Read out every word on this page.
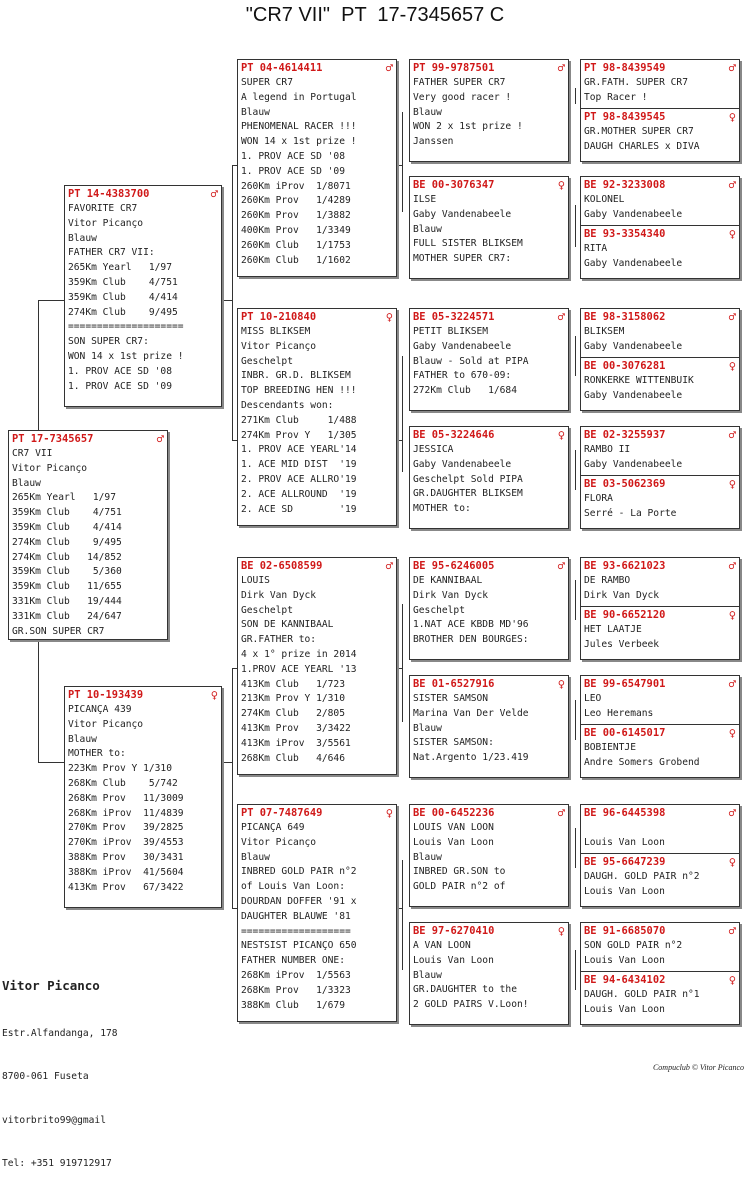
"CR7 VII"  PT  17-7345657 C
PT 17-7345657	♂
CR7 VII
Vitor Picanço
Blauw
265Km Yearl   1/97
359Km Club    4/751
359Km Club    4/414
274Km Club    9/495
274Km Club   14/852
359Km Club    5/360
359Km Club   11/655
331Km Club   19/444
331Km Club   24/647
GR.SON SUPER CR7
PT 14-4383700	♂
FAVORITE CR7
Vitor Picanço
Blauw
FATHER CR7 VII:
265Km Yearl   1/97
359Km Club    4/751
359Km Club    4/414
274Km Club    9/495
====================
SON SUPER CR7:
WON 14 x 1st prize !
1. PROV ACE SD '08
1. PROV ACE SD '09
PT 10-193439	♀
PICANÇA 439
Vitor Picanço
Blauw
MOTHER to:
223Km Prov Y 1/310
268Km Club    5/742
268Km Prov   11/3009
268Km iProv  11/4839
270Km Prov   39/2825
270Km iProv  39/4553
388Km Prov   30/3431
388Km iProv  41/5604
413Km Prov   67/3422
PT 04-4614411	♂
SUPER CR7
A legend in Portugal
Blauw
PHENOMENAL RACER !!!
WON 14 x 1st prize !
1. PROV ACE SD '08
1. PROV ACE SD '09
260Km iProv  1/8071
260Km Prov   1/4289
260Km Prov   1/3882
400Km Prov   1/3349
260Km Club   1/1753
260Km Club   1/1602
PT 10-210840	♀
MISS BLIKSEM
Vitor Picanço
Geschelpt
INBR. GR.D. BLIKSEM
TOP BREEDING HEN !!!
Descendants won:
271Km Club     1/488
274Km Prov Y   1/305
1. PROV ACE YEARL'14
1. ACE MID DIST  '19
2. PROV ACE ALLRO'19
2. ACE ALLROUND  '19
2. ACE SD        '19
BE 02-6508599	♂
LOUIS
Dirk Van Dyck
Geschelpt
SON DE KANNIBAAL
GR.FATHER to:
4 x 1° prize in 2014
1.PROV ACE YEARL '13
413Km Club   1/723
213Km Prov Y 1/310
274Km Club   2/805
413Km Prov   3/3422
413Km iProv  3/5561
268Km Club   4/646
PT 07-7487649	♀
PICANÇA 649
Vitor Picanço
Blauw
INBRED GOLD PAIR n°2
of Louis Van Loon:
DOURDAN DOFFER '91 x
DAUGHTER BLAUWE '81
===================
NESTSIST PICANÇO 650
FATHER NUMBER ONE:
268Km iProv  1/5563
268Km Prov   1/3323
388Km Club   1/679
PT 99-9787501	♂
FATHER SUPER CR7
Very good racer !
Blauw
WON 2 x 1st prize !
Janssen
BE 00-3076347	♀
ILSE
Gaby Vandenabeele
Blauw
FULL SISTER BLIKSEM
MOTHER SUPER CR7:
BE 05-3224571	♂
PETIT BLIKSEM
Gaby Vandenabeele
Blauw - Sold at PIPA
FATHER to 670-09:
272Km Club   1/684
BE 05-3224646	♀
JESSICA
Gaby Vandenabeele
Geschelpt Sold PIPA
GR.DAUGHTER BLIKSEM
MOTHER to:
BE 95-6246005	♂
DE KANNIBAAL
Dirk Van Dyck
Geschelpt
1.NAT ACE KBDB MD'96
BROTHER DEN BOURGES:
BE 01-6527916	♀
SISTER SAMSON
Marina Van Der Velde
Blauw
SISTER SAMSON:
Nat.Argento 1/23.419
BE 00-6452236	♂
LOUIS VAN LOON
Louis Van Loon
Blauw
INBRED GR.SON to
GOLD PAIR n°2 of
BE 97-6270410	♀
A VAN LOON
Louis Van Loon
Blauw
GR.DAUGHTER to the
2 GOLD PAIRS V.Loon!
PT 98-8439549	♂
GR.FATH. SUPER CR7
Top Racer !
PT 98-8439545	♀
GR.MOTHER SUPER CR7
DAUGH CHARLES x DIVA
BE 92-3233008	♂
KOLONEL
Gaby Vandenabeele
BE 93-3354340	♀
RITA
Gaby Vandenabeele
BE 98-3158062	♂
BLIKSEM
Gaby Vandenabeele
BE 00-3076281	♀
RONKERKE WITTENBUIK
Gaby Vandenabeele
BE 02-3255937	♂
RAMBO II
Gaby Vandenabeele
BE 03-5062369	♀
FLORA
Serré - La Porte
BE 93-6621023	♂
DE RAMBO
Dirk Van Dyck
BE 90-6652120	♀
HET LAATJE
Jules Verbeek
BE 99-6547901	♂
LEO
Leo Heremans
BE 00-6145017	♀
BOBIENTJE
Andre Somers Grobend
BE 96-6445398	♂

Louis Van Loon
BE 95-6647239	♀
DAUGH. GOLD PAIR n°2
Louis Van Loon
BE 91-6685070	♂
SON GOLD PAIR n°2
Louis Van Loon
BE 94-6434102	♀
DAUGH. GOLD PAIR n°1
Louis Van Loon

Vitor Picanco

Estr.Alfandanga, 178

8700-061 Fuseta

vitorbrito99@gmail

Tel: +351 919712917

Compuclub © Vitor Picanco
